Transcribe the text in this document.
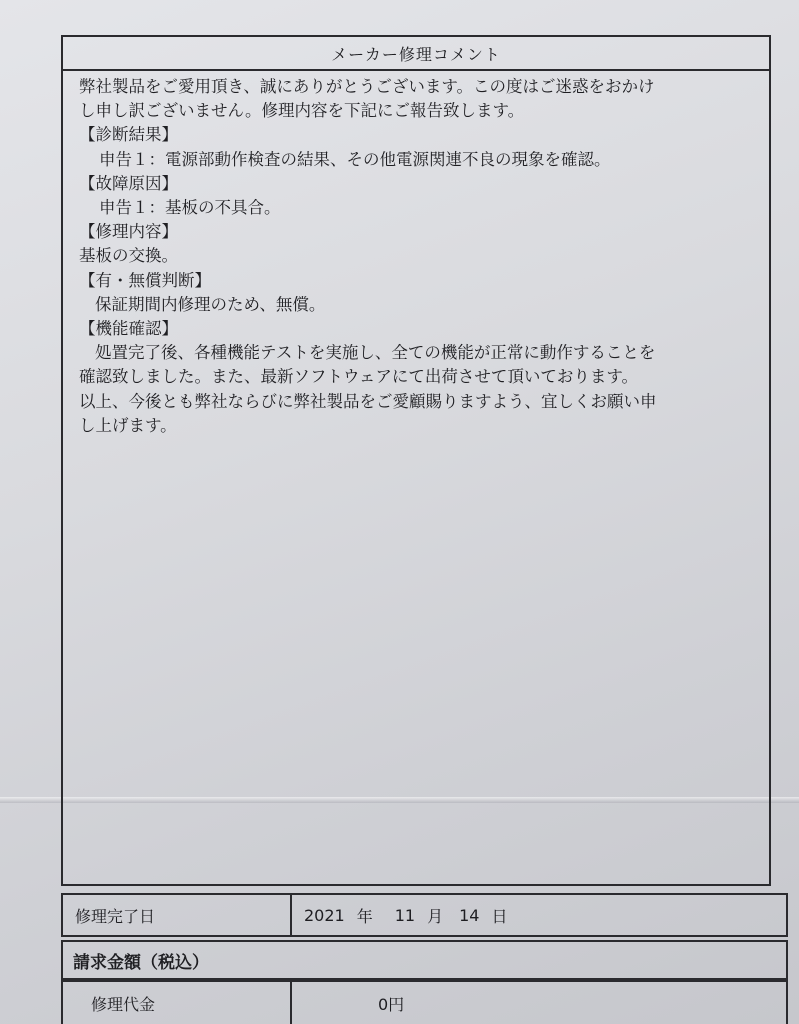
メーカー修理コメント
弊社製品をご愛用頂き、誠にありがとうございます。この度はご迷惑をおかけ
し申し訳ございません。修理内容を下記にご報告致します。
【診断結果】
申告１：電源部動作検査の結果、その他電源関連不良の現象を確認。
【故障原因】
申告１：基板の不具合。
【修理内容】
基板の交換。
【有・無償判断】
保証期間内修理のため、無償。
【機能確認】
処置完了後、各種機能テストを実施し、全ての機能が正常に動作することを
確認致しました。また、最新ソフトウェアにて出荷させて頂いております。
以上、今後とも弊社ならびに弊社製品をご愛顧賜りますよう、宜しくお願い申
し上げます。
修理完了日	2021 年 11 月 14 日
請求金額（税込）
修理代金	0円
